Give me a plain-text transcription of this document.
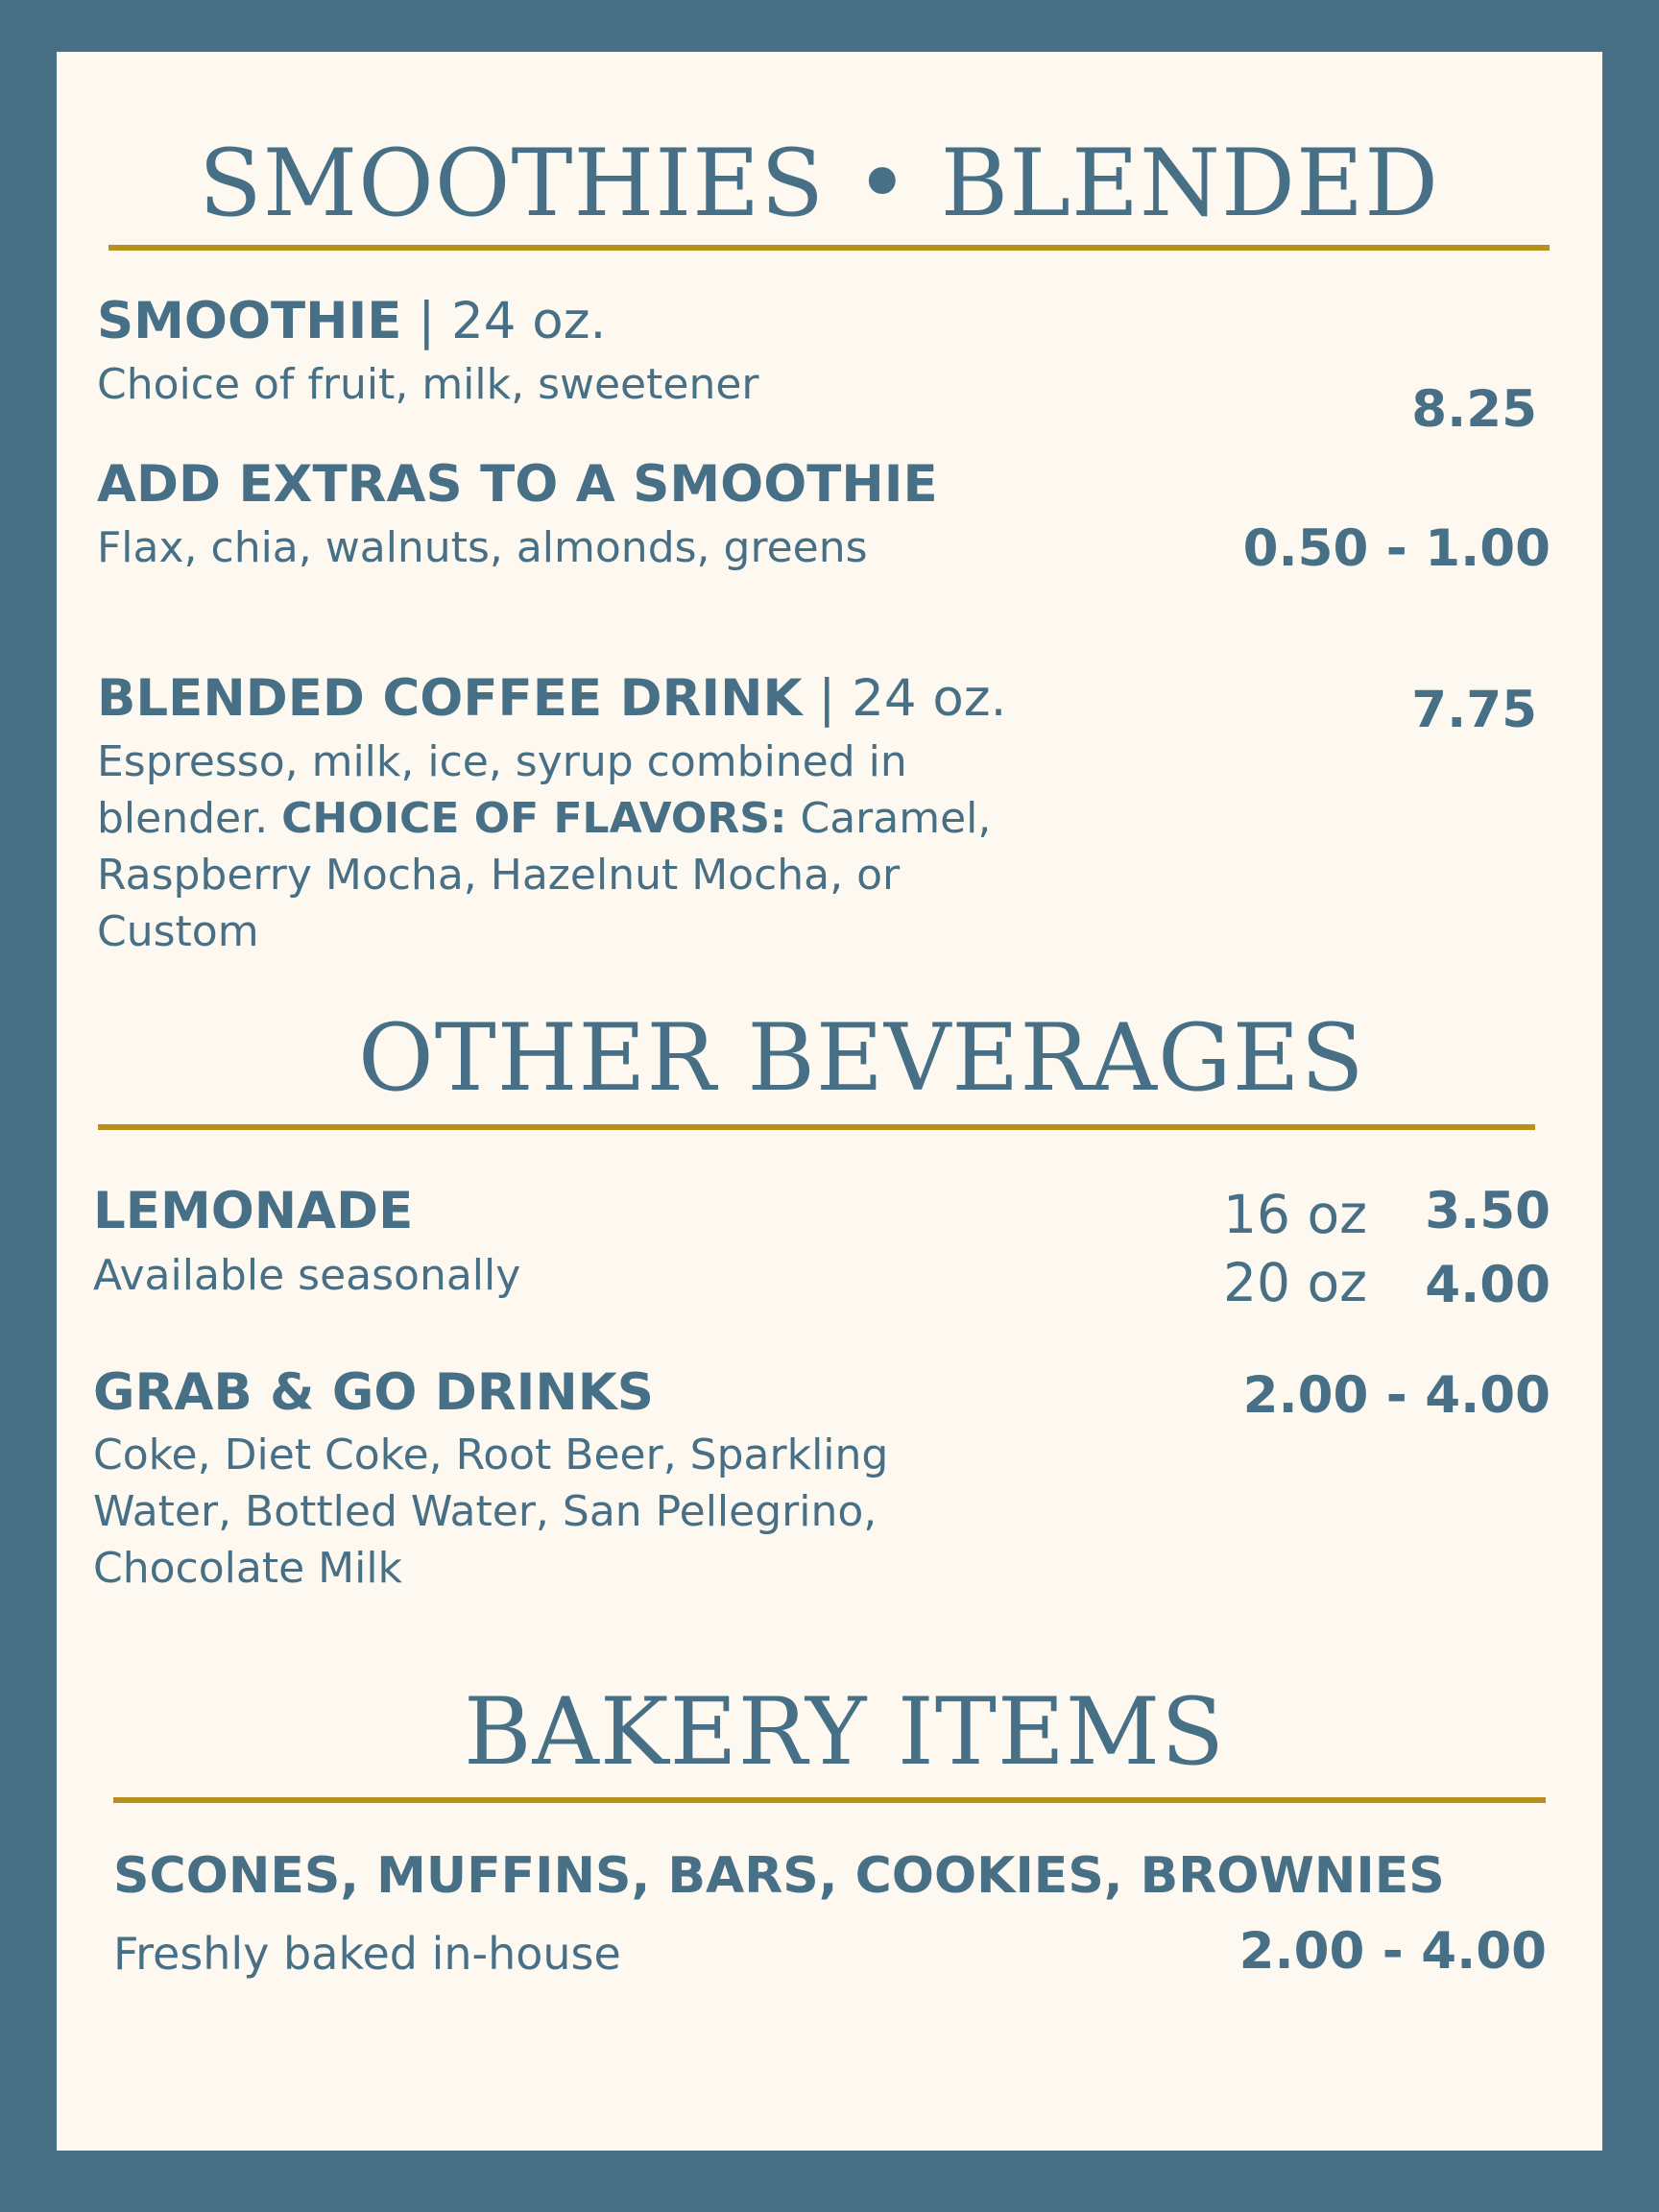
SMOOTHIES • BLENDED
SMOOTHIE | 24 oz.

Choice of fruit, milk, sweetener	8.25
ADD EXTRAS TO A SMOOTHIE

Flax, chia, walnuts, almonds, greens	0.50 - 1.00
BLENDED COFFEE DRINK | 24 oz.
Espresso, milk, ice, syrup combined in
blender. CHOICE OF FLAVORS: Caramel,
Raspberry Mocha, Hazelnut Mocha, or
Custom
7.75
OTHER BEVERAGES
LEMONADE

Available seasonally

16 oz 3.50
20 oz 4.00
GRAB & GO DRINKS
Coke, Diet Coke, Root Beer, Sparkling
Water, Bottled Water, San Pellegrino,
Chocolate Milk
2.00 - 4.00
BAKERY ITEMS
SCONES, MUFFINS, BARS, COOKIES, BROWNIES

Freshly baked in-house	2.00 - 4.00
